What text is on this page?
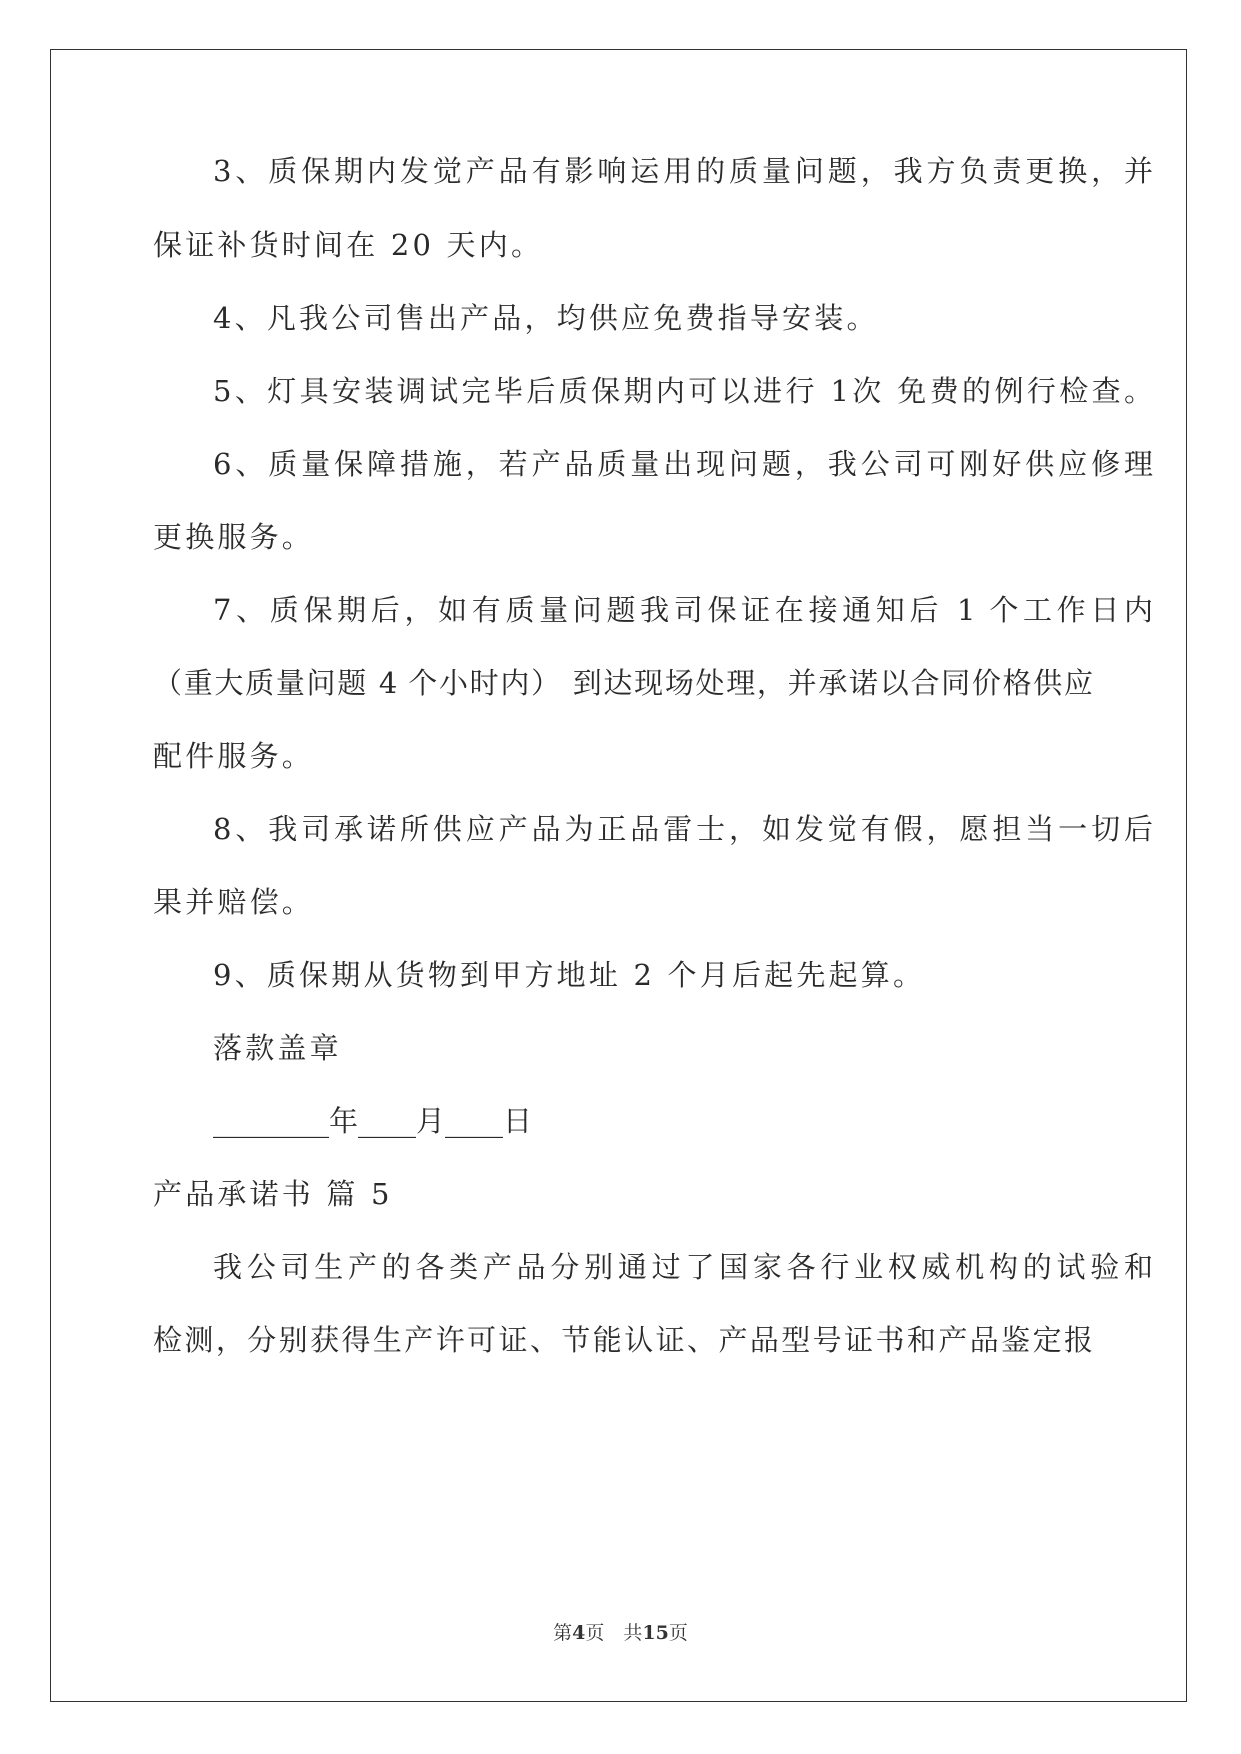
3、质保期内发觉产品有影响运用的质量问题，我方负责更换，并
保证补货时间在 20 天内。
4、凡我公司售出产品，均供应免费指导安装。
5、灯具安装调试完毕后质保期内可以进行 1次 免费的例行检查。
6、质量保障措施，若产品质量出现问题，我公司可刚好供应修理
更换服务。
7、质保期后，如有质量问题我司保证在接通知后 1 个工作日内
（重大质量问题 4 个小时内） 到达现场处理，并承诺以合同价格供应
配件服务。
8、我司承诺所供应产品为正品雷士，如发觉有假，愿担当一切后
果并赔偿。
9、质保期从货物到甲方地址 2 个月后起先起算。
落款盖章
________年____月____日
产品承诺书 篇 5
我公司生产的各类产品分别通过了国家各行业权威机构的试验和
检测，分别获得生产许可证、节能认证、产品型号证书和产品鉴定报
第4页　共15页
